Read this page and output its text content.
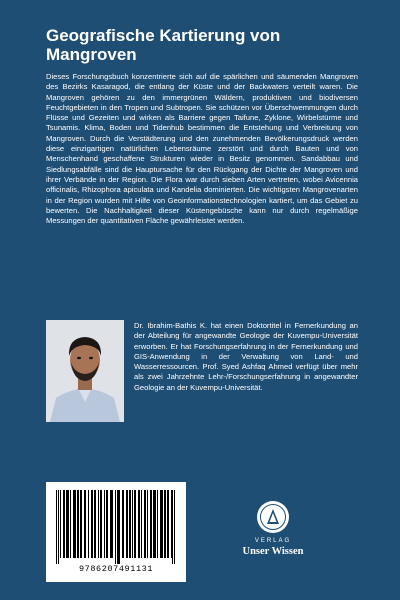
Geografische Kartierung von Mangroven

Dieses Forschungsbuch konzentrierte sich auf die spärlichen und säumenden Mangroven des Bezirks Kasaragod, die entlang der Küste und der Backwaters verteilt waren. Die Mangroven gehören zu den immergrünen Wäldern, produktiven und biodiversen Feuchtgebieten in den Tropen und Subtropen. Sie schützen vor Überschwemmungen durch Flüsse und Gezeiten und wirken als Barriere gegen Taifune, Zyklone, Wirbelstürme und Tsunamis. Klima, Boden und Tidenhub bestimmen die Entstehung und Verbreitung von Mangroven. Durch die Verstädterung und den zunehmenden Bevölkerungsdruck werden diese einzigartigen natürlichen Lebensräume zerstört und durch Bauten und von Menschenhand geschaffene Strukturen wieder in Besitz genommen. Sandabbau und Siedlungsabfälle sind die Hauptursache für den Rückgang der Dichte der Mangroven und ihrer Verbände in der Region. Die Flora war durch sieben Arten vertreten, wobei Avicennia officinalis, Rhizophora apiculata und Kandelia dominierten. Die wichtigsten Mangrovenarten in der Region wurden mit Hilfe von Geoinformationstechnologien kartiert, um das Gebiet zu bewerten. Die Nachhaltigkeit dieser Küstengebüsche kann nur durch regelmäßige Messungen der quantitativen Fläche gewährleistet werden.

Dr. Ibrahim-Bathis K. hat einen Doktortitel in Fernerkundung an der Abteilung für angewandte Geologie der Kuvempu-Universität erworben. Er hat Forschungserfahrung in der Fernerkundung und GIS-Anwendung in der Verwaltung von Land- und Wasserressourcen. Prof. Syed Ashfaq Ahmed verfügt über mehr als zwei Jahrzehnte Lehr-/Forschungserfahrung in angewandter Geologie an der Kuvempu-Universität.

9786207491131
VERLAG
Unser Wissen
